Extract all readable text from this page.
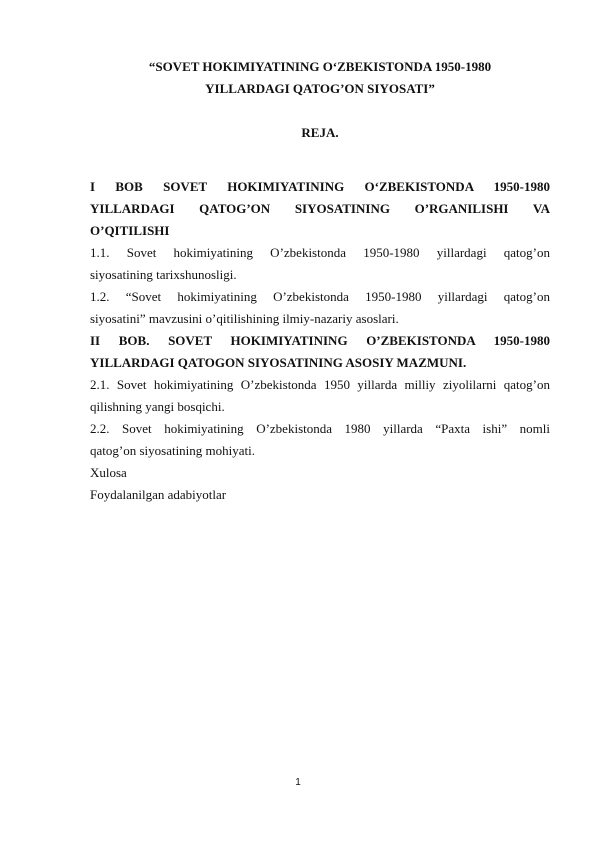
“SOVET HOKIMIYATINING O‘ZBEKISTONDA 1950-1980
YILLARDAGI QATOG’ON SIYOSATI”
REJA.
I BOB SOVET HOKIMIYATINING O‘ZBEKISTONDA 1950-1980
YILLARDAGI QATOG’ON SIYOSATINING O’RGANILISHI VA
O’QITILISHI
1.1. Sovet hokimiyatining O’zbekistonda 1950-1980 yillardagi qatog’on
siyosatining tarixshunosligi.
1.2. “Sovet hokimiyatining O’zbekistonda 1950-1980 yillardagi qatog’on
siyosatini” mavzusini o’qitilishining ilmiy-nazariy asoslari.
II BOB. SOVET HOKIMIYATINING O’ZBEKISTONDA 1950-1980
YILLARDAGI QATOGON SIYOSATINING ASOSIY MAZMUNI.
2.1. Sovet hokimiyatining O’zbekistonda 1950 yillarda milliy ziyolilarni qatog’on
qilishning yangi bosqichi.
2.2. Sovet hokimiyatining O’zbekistonda 1980 yillarda “Paxta ishi” nomli
qatog’on siyosatining mohiyati.
Xulosa
Foydalanilgan adabiyotlar
1
